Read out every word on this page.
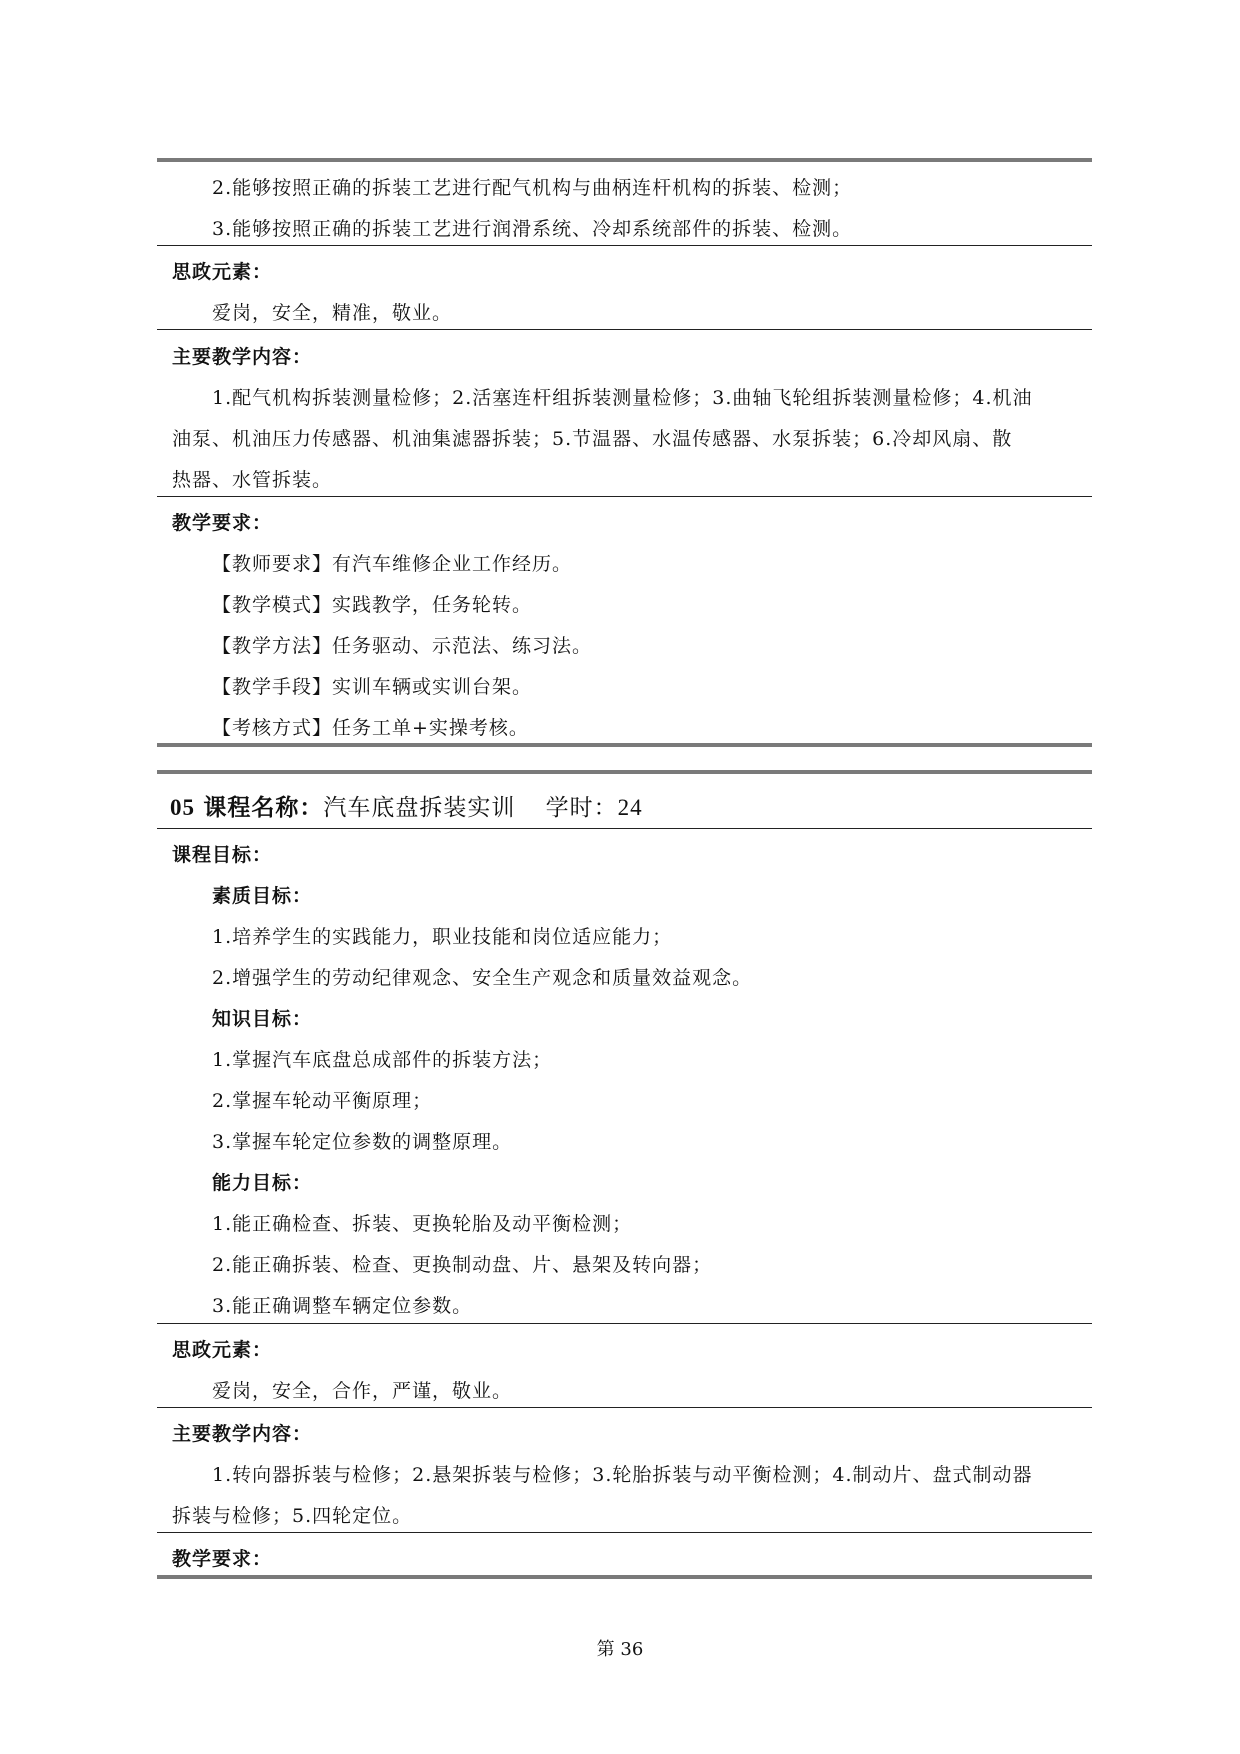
2.能够按照正确的拆装工艺进行配气机构与曲柄连杆机构的拆装、检测；
3.能够按照正确的拆装工艺进行润滑系统、冷却系统部件的拆装、检测。
思政元素：
爱岗，安全，精准，敬业。
主要教学内容：
1.配气机构拆装测量检修；2.活塞连杆组拆装测量检修；3.曲轴飞轮组拆装测量检修；4.机油
油泵、机油压力传感器、机油集滤器拆装；5.节温器、水温传感器、水泵拆装；6.冷却风扇、散
热器、水管拆装。
教学要求：
【教师要求】有汽车维修企业工作经历。
【教学模式】实践教学，任务轮转。
【教学方法】任务驱动、示范法、练习法。
【教学手段】实训车辆或实训台架。
【考核方式】任务工单+实操考核。
05 课程名称：汽车底盘拆装实训 学时：24
课程目标：
素质目标：
1.培养学生的实践能力，职业技能和岗位适应能力；
2.增强学生的劳动纪律观念、安全生产观念和质量效益观念。
知识目标：
1.掌握汽车底盘总成部件的拆装方法；
2.掌握车轮动平衡原理；
3.掌握车轮定位参数的调整原理。
能力目标：
1.能正确检查、拆装、更换轮胎及动平衡检测；
2.能正确拆装、检查、更换制动盘、片、悬架及转向器；
3.能正确调整车辆定位参数。
思政元素：
爱岗，安全，合作，严谨，敬业。
主要教学内容：
1.转向器拆装与检修；2.悬架拆装与检修；3.轮胎拆装与动平衡检测；4.制动片、盘式制动器
拆装与检修；5.四轮定位。
教学要求：
第 36
